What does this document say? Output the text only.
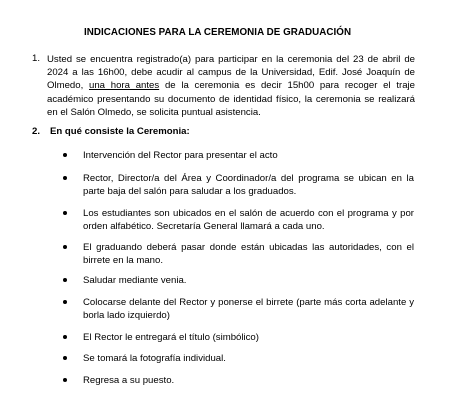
INDICACIONES PARA LA CEREMONIA DE GRADUACIÓN
1. Usted se encuentra registrado(a) para participar en la ceremonia del 23 de abril de 2024 a las 16h00, debe acudir al campus de la Universidad, Edif. José Joaquín de Olmedo, una hora antes de la ceremonia es decir 15h00 para recoger el traje académico presentando su documento de identidad físico, la ceremonia se realizará en el Salón Olmedo, se solicita puntual asistencia.
2. En qué consiste la Ceremonia:
Intervención del Rector para presentar el acto
Rector, Director/a del Área y Coordinador/a del programa se ubican en la parte baja del salón para saludar a los graduados.
Los estudiantes son ubicados en el salón de acuerdo con el programa y por orden alfabético. Secretaría General llamará a cada uno.
El graduando deberá pasar donde están ubicadas las autoridades, con el birrete en la mano.
Saludar mediante venia.
Colocarse delante del Rector y ponerse el birrete (parte más corta adelante y borla lado izquierdo)
El Rector le entregará el título (simbólico)
Se tomará la fotografía individual.
Regresa a su puesto.
